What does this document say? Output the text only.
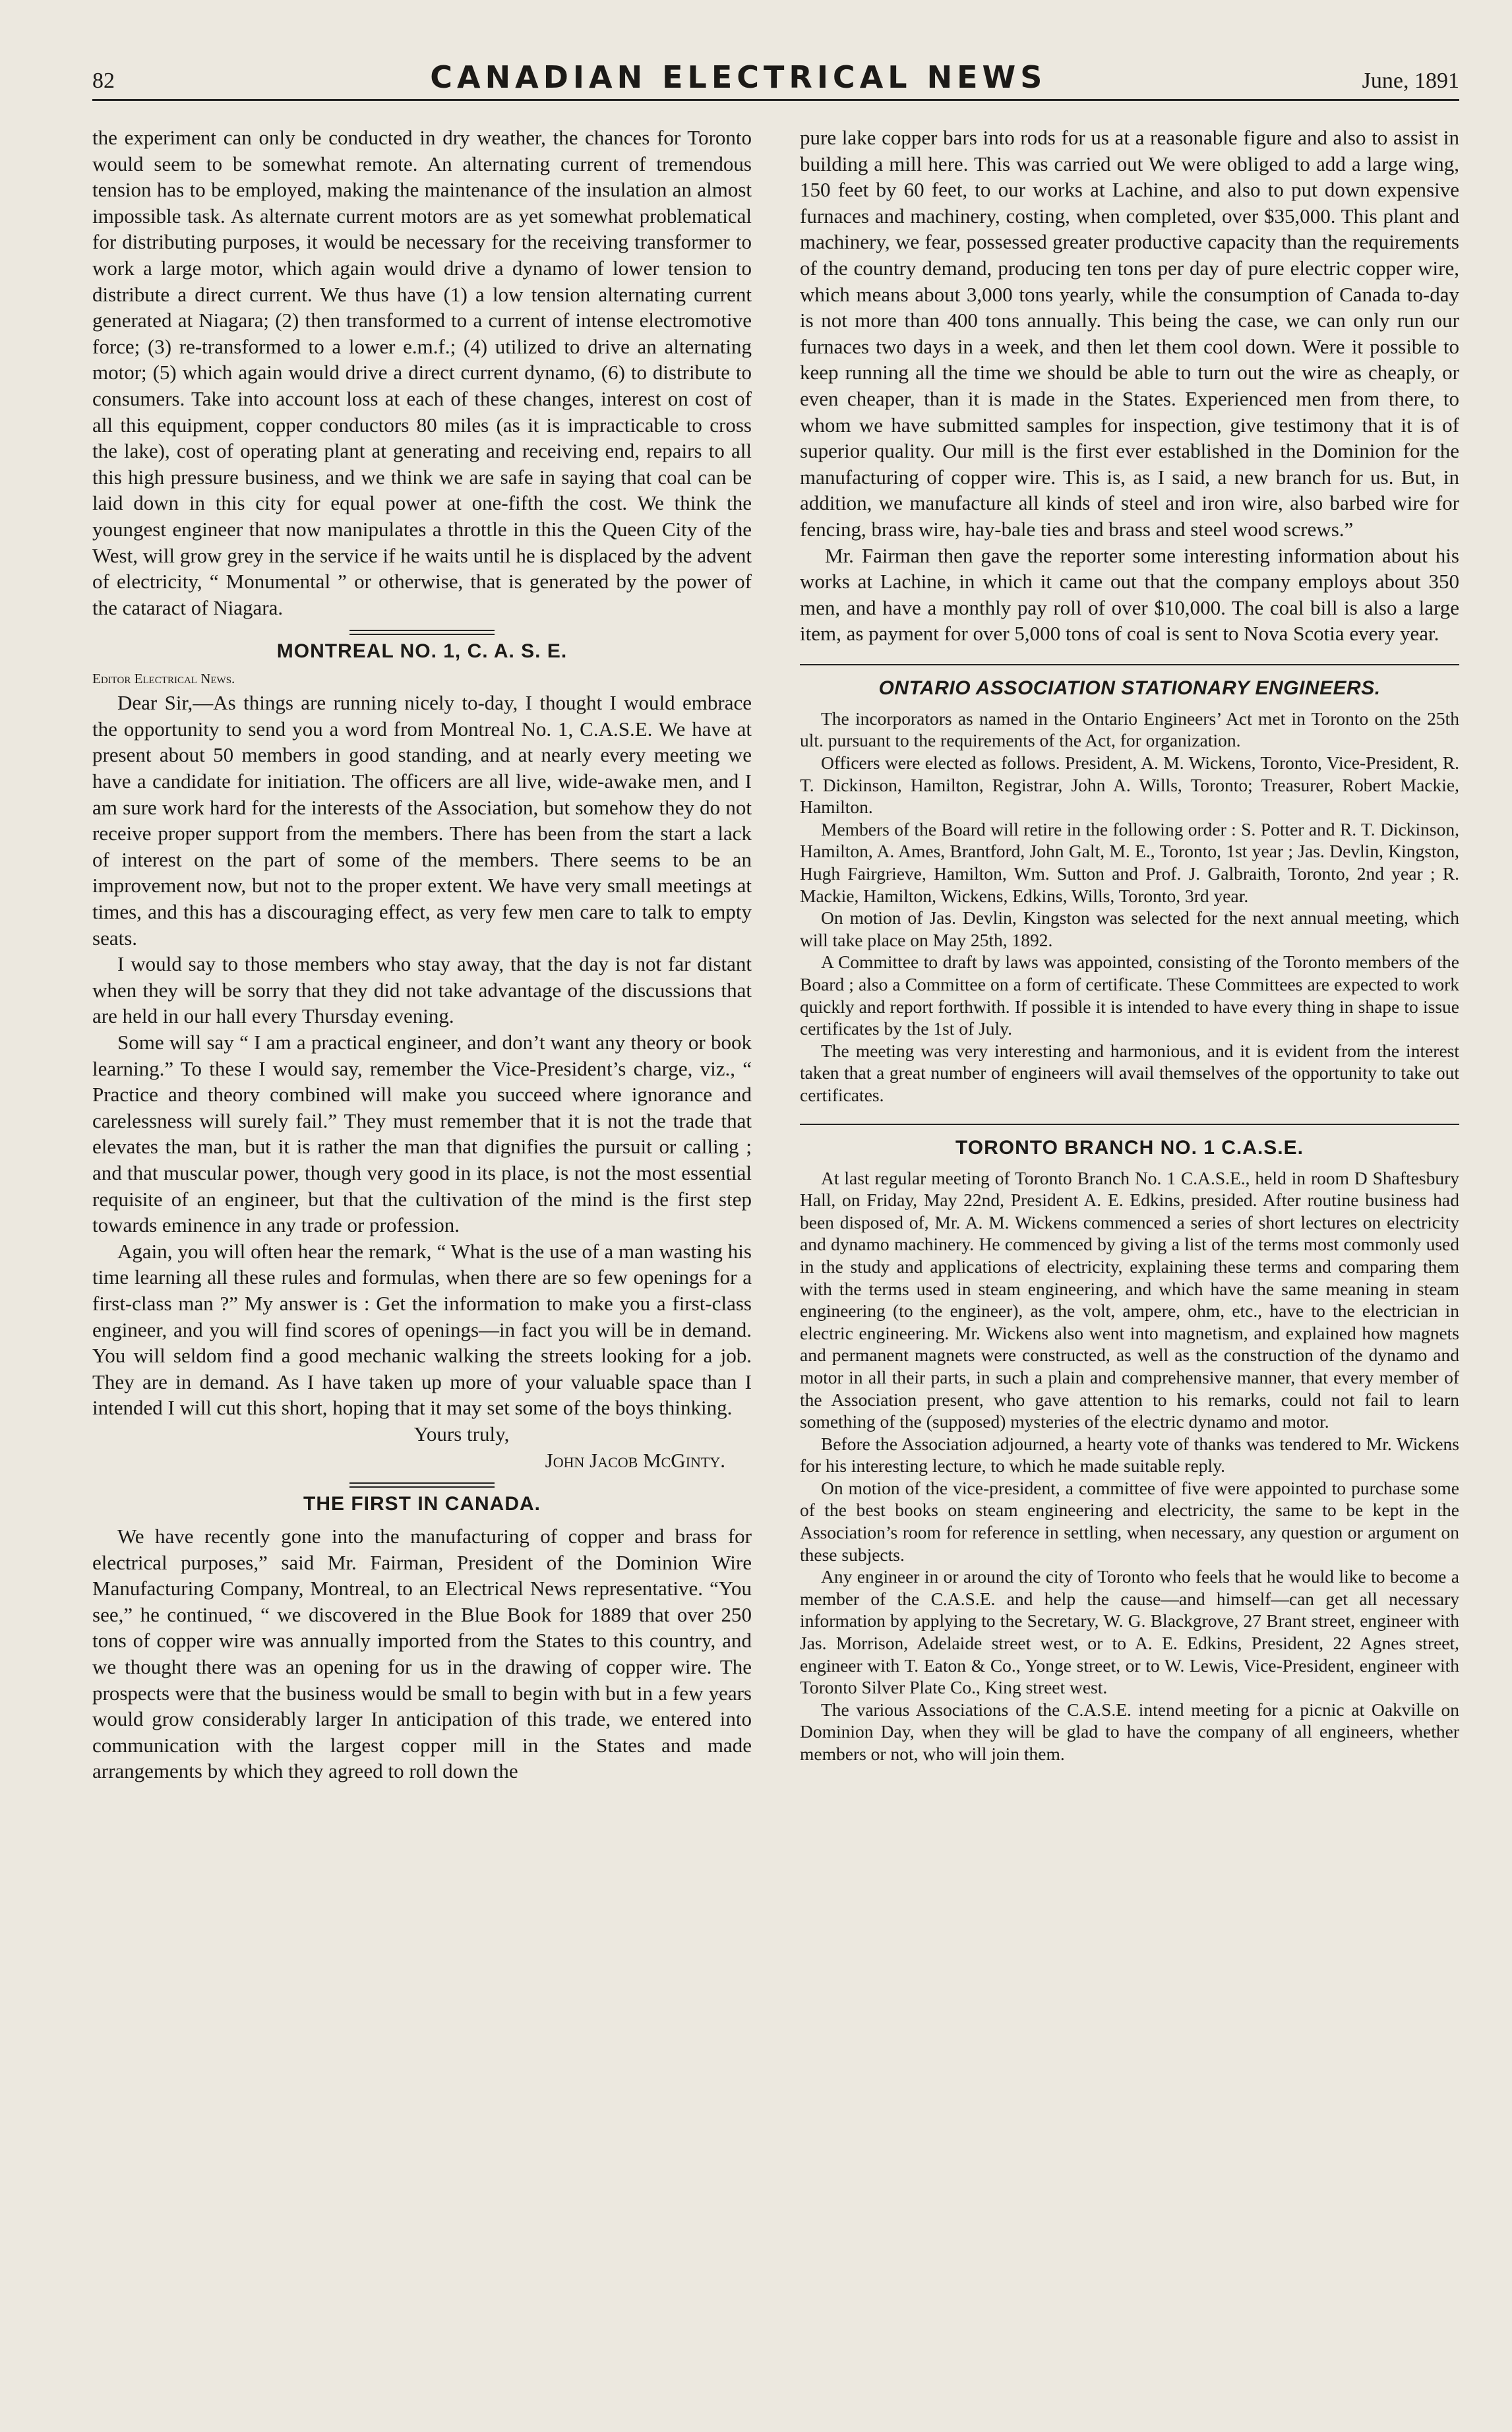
82	CANADIAN ELECTRICAL NEWS	June, 1891

the experiment can only be conducted in dry weather, the chances for Toronto would seem to be somewhat remote. An alternating current of tremendous tension has to be employed, making the maintenance of the insulation an almost impossible task. As alternate current motors are as yet somewhat problematical for distributing purposes, it would be necessary for the receiving transformer to work a large motor, which again would drive a dynamo of lower tension to distribute a direct current. We thus have (1) a low tension alternating current generated at Niagara; (2) then transformed to a current of intense electromotive force; (3) re-transformed to a lower e.m.f.; (4) utilized to drive an alternating motor; (5) which again would drive a direct current dynamo, (6) to distribute to consumers. Take into account loss at each of these changes, interest on cost of all this equipment, copper conductors 80 miles (as it is impracticable to cross the lake), cost of operating plant at generating and receiving end, repairs to all this high pressure business, and we think we are safe in saying that coal can be laid down in this city for equal power at one-fifth the cost. We think the youngest engineer that now manipulates a throttle in this the Queen City of the West, will grow grey in the service if he waits until he is displaced by the advent of electricity, “ Monumental ” or otherwise, that is generated by the power of the cataract of Niagara.

MONTREAL NO. 1, C. A. S. E.
Editor Electrical News.

Dear Sir,—As things are running nicely to-day, I thought I would embrace the opportunity to send you a word from Montreal No. 1, C.A.S.E. We have at present about 50 members in good standing, and at nearly every meeting we have a candidate for initiation. The officers are all live, wide-awake men, and I am sure work hard for the interests of the Association, but somehow they do not receive proper support from the members. There has been from the start a lack of interest on the part of some of the members. There seems to be an improvement now, but not to the proper extent. We have very small meetings at times, and this has a discouraging effect, as very few men care to talk to empty seats.

I would say to those members who stay away, that the day is not far distant when they will be sorry that they did not take advantage of the discussions that are held in our hall every Thursday evening.

Some will say “ I am a practical engineer, and don’t want any theory or book learning.” To these I would say, remember the Vice-President’s charge, viz., “ Practice and theory combined will make you succeed where ignorance and carelessness will surely fail.” They must remember that it is not the trade that elevates the man, but it is rather the man that dignifies the pursuit or calling ; and that muscular power, though very good in its place, is not the most essential requisite of an engineer, but that the cultivation of the mind is the first step towards eminence in any trade or profession.

Again, you will often hear the remark, “ What is the use of a man wasting his time learning all these rules and formulas, when there are so few openings for a first-class man ?” My answer is : Get the information to make you a first-class engineer, and you will find scores of openings—in fact you will be in demand. You will seldom find a good mechanic walking the streets looking for a job. They are in demand. As I have taken up more of your valuable space than I intended I will cut this short, hoping that it may set some of the boys thinking.

Yours truly,

John Jacob McGinty.

THE FIRST IN CANADA.

We have recently gone into the manufacturing of copper and brass for electrical purposes,” said Mr. Fairman, President of the Dominion Wire Manufacturing Company, Montreal, to an Electrical News representative. “You see,” he continued, “ we discovered in the Blue Book for 1889 that over 250 tons of copper wire was annually imported from the States to this country, and we thought there was an opening for us in the drawing of copper wire. The prospects were that the business would be small to begin with but in a few years would grow considerably larger In anticipation of this trade, we entered into communication with the largest copper mill in the States and made arrangements by which they agreed to roll down the

pure lake copper bars into rods for us at a reasonable figure and also to assist in building a mill here. This was carried out We were obliged to add a large wing, 150 feet by 60 feet, to our works at Lachine, and also to put down expensive furnaces and machinery, costing, when completed, over $35,000. This plant and machinery, we fear, possessed greater productive capacity than the requirements of the country demand, producing ten tons per day of pure electric copper wire, which means about 3,000 tons yearly, while the consumption of Canada to-day is not more than 400 tons annually. This being the case, we can only run our furnaces two days in a week, and then let them cool down. Were it possible to keep running all the time we should be able to turn out the wire as cheaply, or even cheaper, than it is made in the States. Experienced men from there, to whom we have submitted samples for inspection, give testimony that it is of superior quality. Our mill is the first ever established in the Dominion for the manufacturing of copper wire. This is, as I said, a new branch for us. But, in addition, we manufacture all kinds of steel and iron wire, also barbed wire for fencing, brass wire, hay-bale ties and brass and steel wood screws.”

Mr. Fairman then gave the reporter some interesting information about his works at Lachine, in which it came out that the company employs about 350 men, and have a monthly pay roll of over $10,000. The coal bill is also a large item, as payment for over 5,000 tons of coal is sent to Nova Scotia every year.

ONTARIO ASSOCIATION STATIONARY ENGINEERS.

The incorporators as named in the Ontario Engineers’ Act met in Toronto on the 25th ult. pursuant to the requirements of the Act, for organization.

Officers were elected as follows. President, A. M. Wickens, Toronto, Vice-President, R. T. Dickinson, Hamilton, Registrar, John A. Wills, Toronto; Treasurer, Robert Mackie, Hamilton.

Members of the Board will retire in the following order : S. Potter and R. T. Dickinson, Hamilton, A. Ames, Brantford, John Galt, M. E., Toronto, 1st year ; Jas. Devlin, Kingston, Hugh Fairgrieve, Hamilton, Wm. Sutton and Prof. J. Galbraith, Toronto, 2nd year ; R. Mackie, Hamilton, Wickens, Edkins, Wills, Toronto, 3rd year.

On motion of Jas. Devlin, Kingston was selected for the next annual meeting, which will take place on May 25th, 1892.

A Committee to draft by laws was appointed, consisting of the Toronto members of the Board ; also a Committee on a form of certificate. These Committees are expected to work quickly and report forthwith. If possible it is intended to have every thing in shape to issue certificates by the 1st of July.

The meeting was very interesting and harmonious, and it is evident from the interest taken that a great number of engineers will avail themselves of the opportunity to take out certificates.

TORONTO BRANCH NO. 1 C.A.S.E.

At last regular meeting of Toronto Branch No. 1 C.A.S.E., held in room D Shaftesbury Hall, on Friday, May 22nd, President A. E. Edkins, presided. After routine business had been disposed of, Mr. A. M. Wickens commenced a series of short lectures on electricity and dynamo machinery. He commenced by giving a list of the terms most commonly used in the study and applications of electricity, explaining these terms and comparing them with the terms used in steam engineering, and which have the same meaning in steam engineering (to the engineer), as the volt, ampere, ohm, etc., have to the electrician in electric engineering. Mr. Wickens also went into magnetism, and explained how magnets and permanent magnets were constructed, as well as the construction of the dynamo and motor in all their parts, in such a plain and comprehensive manner, that every member of the Association present, who gave attention to his remarks, could not fail to learn something of the (supposed) mysteries of the electric dynamo and motor.

Before the Association adjourned, a hearty vote of thanks was tendered to Mr. Wickens for his interesting lecture, to which he made suitable reply.

On motion of the vice-president, a committee of five were appointed to purchase some of the best books on steam engineering and electricity, the same to be kept in the Association’s room for reference in settling, when necessary, any question or argument on these subjects.

Any engineer in or around the city of Toronto who feels that he would like to become a member of the C.A.S.E. and help the cause—and himself—can get all necessary information by applying to the Secretary, W. G. Blackgrove, 27 Brant street, engineer with Jas. Morrison, Adelaide street west, or to A. E. Edkins, President, 22 Agnes street, engineer with T. Eaton & Co., Yonge street, or to W. Lewis, Vice-President, engineer with Toronto Silver Plate Co., King street west.

The various Associations of the C.A.S.E. intend meeting for a picnic at Oakville on Dominion Day, when they will be glad to have the company of all engineers, whether members or not, who will join them.
